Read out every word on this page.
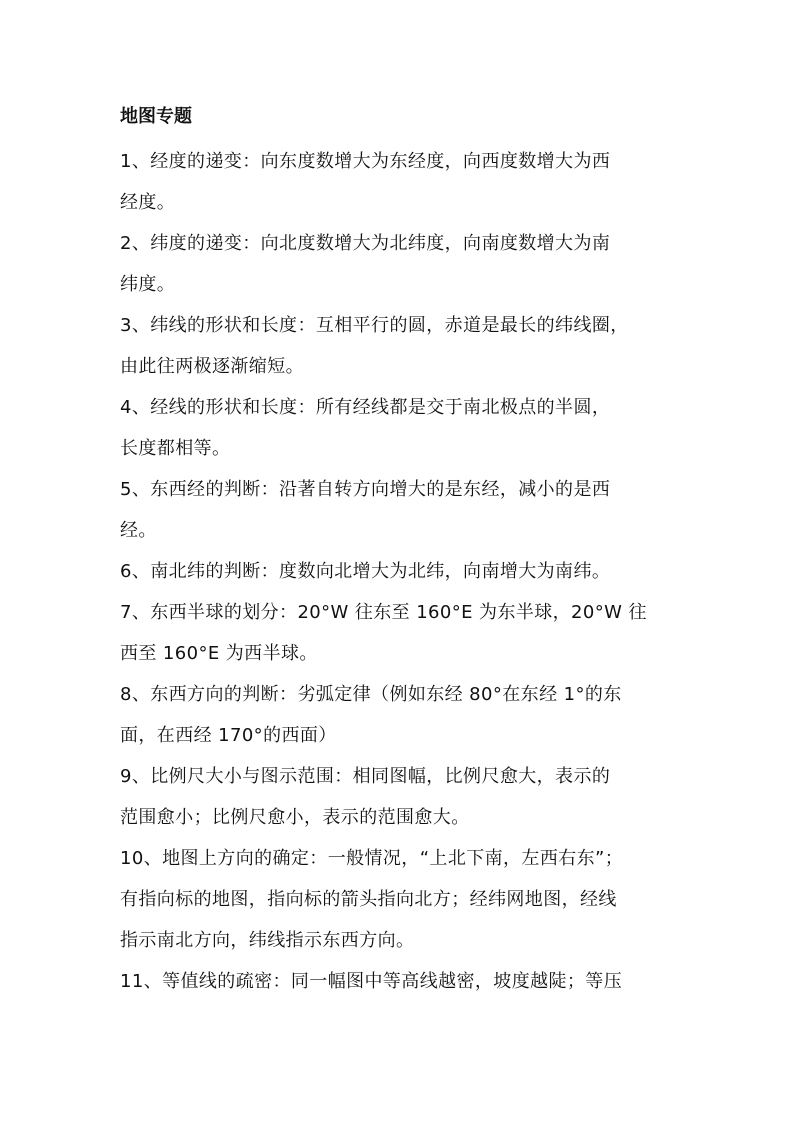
地图专题
1、经度的递变：向东度数增大为东经度，向西度数增大为西
经度。
2、纬度的递变：向北度数增大为北纬度，向南度数增大为南
纬度。
3、纬线的形状和长度：互相平行的圆，赤道是最长的纬线圈，
由此往两极逐渐缩短。
4、经线的形状和长度：所有经线都是交于南北极点的半圆，
长度都相等。
5、东西经的判断：沿著自转方向增大的是东经，减小的是西
经。
6、南北纬的判断：度数向北增大为北纬，向南增大为南纬。
7、东西半球的划分：20°W 往东至 160°E 为东半球，20°W 往
西至 160°E 为西半球。
8、东西方向的判断：劣弧定律（例如东经 80°在东经 1°的东
面，在西经 170°的西面）
9、比例尺大小与图示范围：相同图幅，比例尺愈大，表示的
范围愈小；比例尺愈小，表示的范围愈大。
10、地图上方向的确定：一般情况，“上北下南，左西右东”；
有指向标的地图，指向标的箭头指向北方；经纬网地图，经线
指示南北方向，纬线指示东西方向。
11、等值线的疏密：同一幅图中等高线越密，坡度越陡；等压
